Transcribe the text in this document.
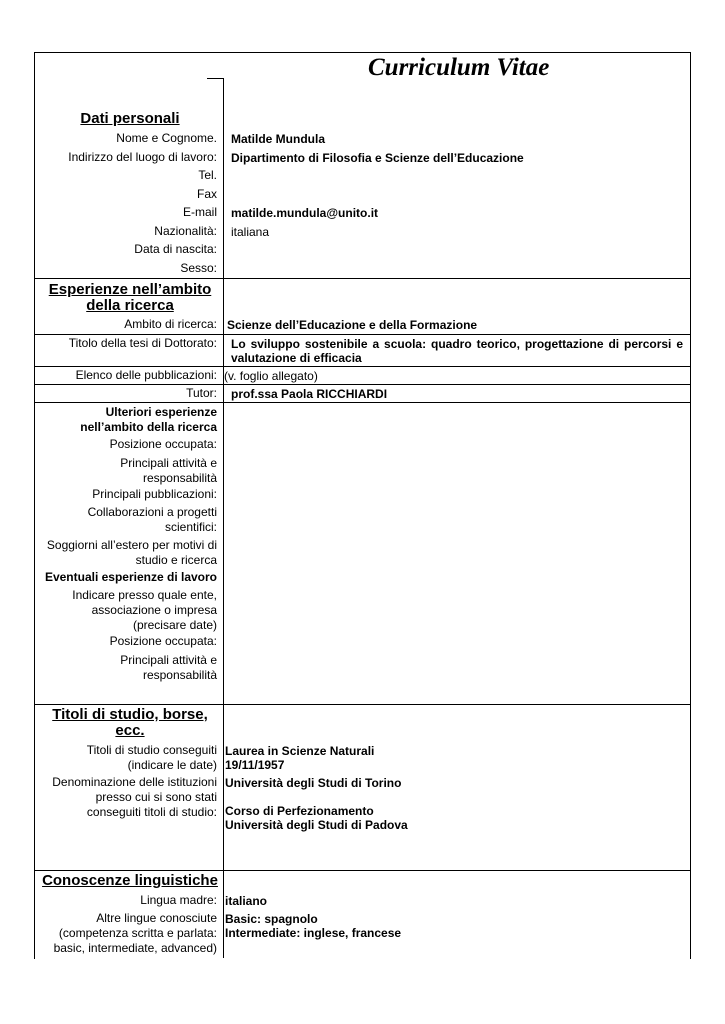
Curriculum Vitae
Dati personali
Nome e Cognome. Matilde Mundula
Indirizzo del luogo di lavoro: Dipartimento di Filosofia e Scienze dell’Educazione
Tel.
Fax
E-mail matilde.mundula@unito.it
Nazionalità: italiana
Data di nascita:
Sesso:
Esperienze nell’ambito
della ricerca
Ambito di ricerca: Scienze dell’Educazione e della Formazione
Titolo della tesi di Dottorato: Lo sviluppo sostenibile a scuola: quadro teorico, progettazione di percorsi e
valutazione di efficacia
Elenco delle pubblicazioni: (v. foglio allegato)
Tutor: prof.ssa Paola RICCHIARDI
Ulteriori esperienze
nell’ambito della ricerca
Posizione occupata:
Principali attività e
responsabilità
Principali pubblicazioni:
Collaborazioni a progetti
scientifici:
Soggiorni all’estero per motivi di
studio e ricerca
Eventuali esperienze di lavoro
Indicare presso quale ente,
associazione o impresa
(precisare date)
Posizione occupata:
Principali attività e
responsabilità
Titoli di studio, borse,
ecc.
Titoli di studio conseguiti
(indicare le date)
Laurea in Scienze Naturali
19/11/1957
Denominazione delle istituzioni
presso cui si sono stati
conseguiti titoli di studio:
Università degli Studi di Torino
Corso di Perfezionamento
Università degli Studi di Padova
Conoscenze linguistiche
Lingua madre: italiano
Altre lingue conosciute
(competenza scritta e parlata:
basic, intermediate, advanced)
Basic: spagnolo
Intermediate: inglese, francese
